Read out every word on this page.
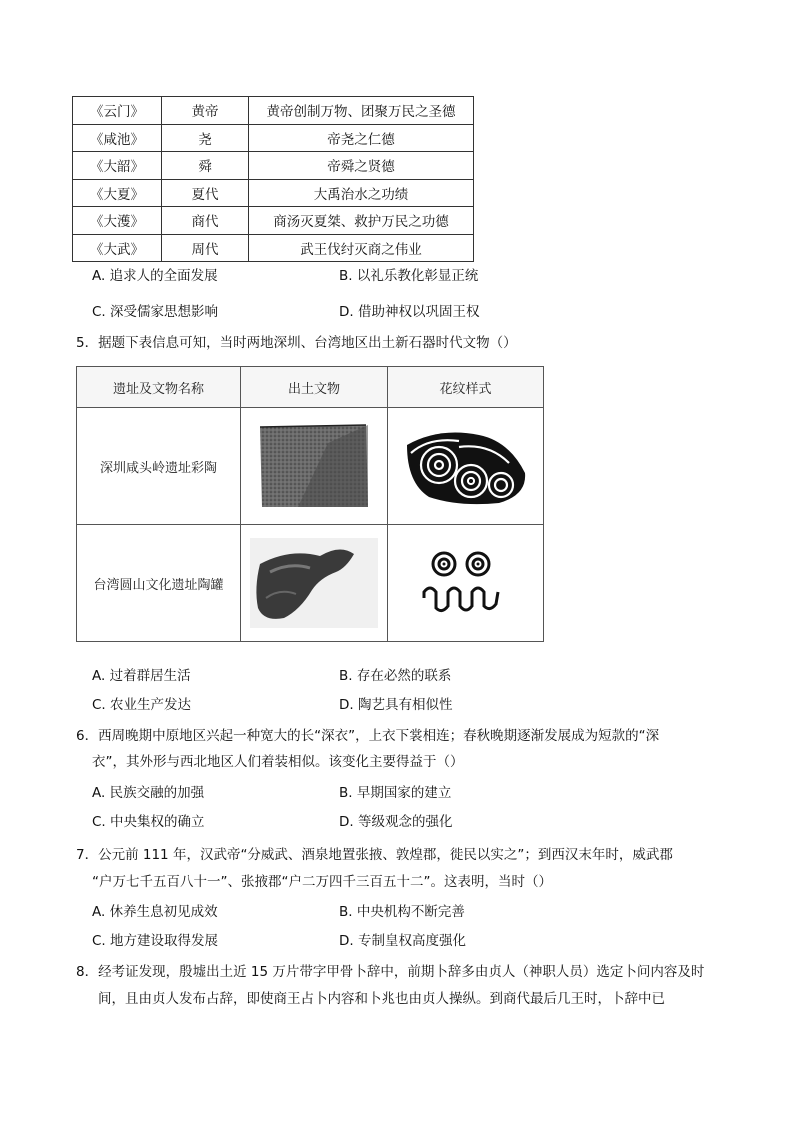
《云门》	黄帝	黄帝创制万物、团聚万民之圣德
《咸池》	尧	帝尧之仁德
《大韶》	舜	帝舜之贤德
《大夏》	夏代	大禹治水之功绩
《大濩》	商代	商汤灭夏桀、救护万民之功德
《大武》	周代	武王伐纣灭商之伟业
A. 追求人的全面发展	B. 以礼乐教化彰显正统
C. 深受儒家思想影响	D. 借助神权以巩固王权
5．据题下表信息可知，当时两地深圳、台湾地区出土新石器时代文物（）
遗址及文物名称	出土文物	花纹样式
深圳咸头岭遗址彩陶	

台湾圆山文化遗址陶罐	

A. 过着群居生活	B. 存在必然的联系
C. 农业生产发达	D. 陶艺具有相似性
6．西周晚期中原地区兴起一种宽大的长“深衣”，上衣下裳相连；春秋晚期逐渐发展成为短款的“深
衣”，其外形与西北地区人们着装相似。该变化主要得益于（）
A. 民族交融的加强	B. 早期国家的建立
C. 中央集权的确立	D. 等级观念的强化
7．公元前 111 年，汉武帝“分威武、酒泉地置张掖、敦煌郡，徙民以实之”；到西汉末年时，威武郡
“户万七千五百八十一”、张掖郡“户二万四千三百五十二”。这表明，当时（）
A. 休养生息初见成效	B. 中央机构不断完善
C. 地方建设取得发展	D. 专制皇权高度强化
8．经考证发现，殷墟出土近 15 万片带字甲骨卜辞中，前期卜辞多由贞人（神职人员）选定卜问内容及时
间，且由贞人发布占辞，即使商王占卜内容和卜兆也由贞人操纵。到商代最后几王时，卜辞中已
